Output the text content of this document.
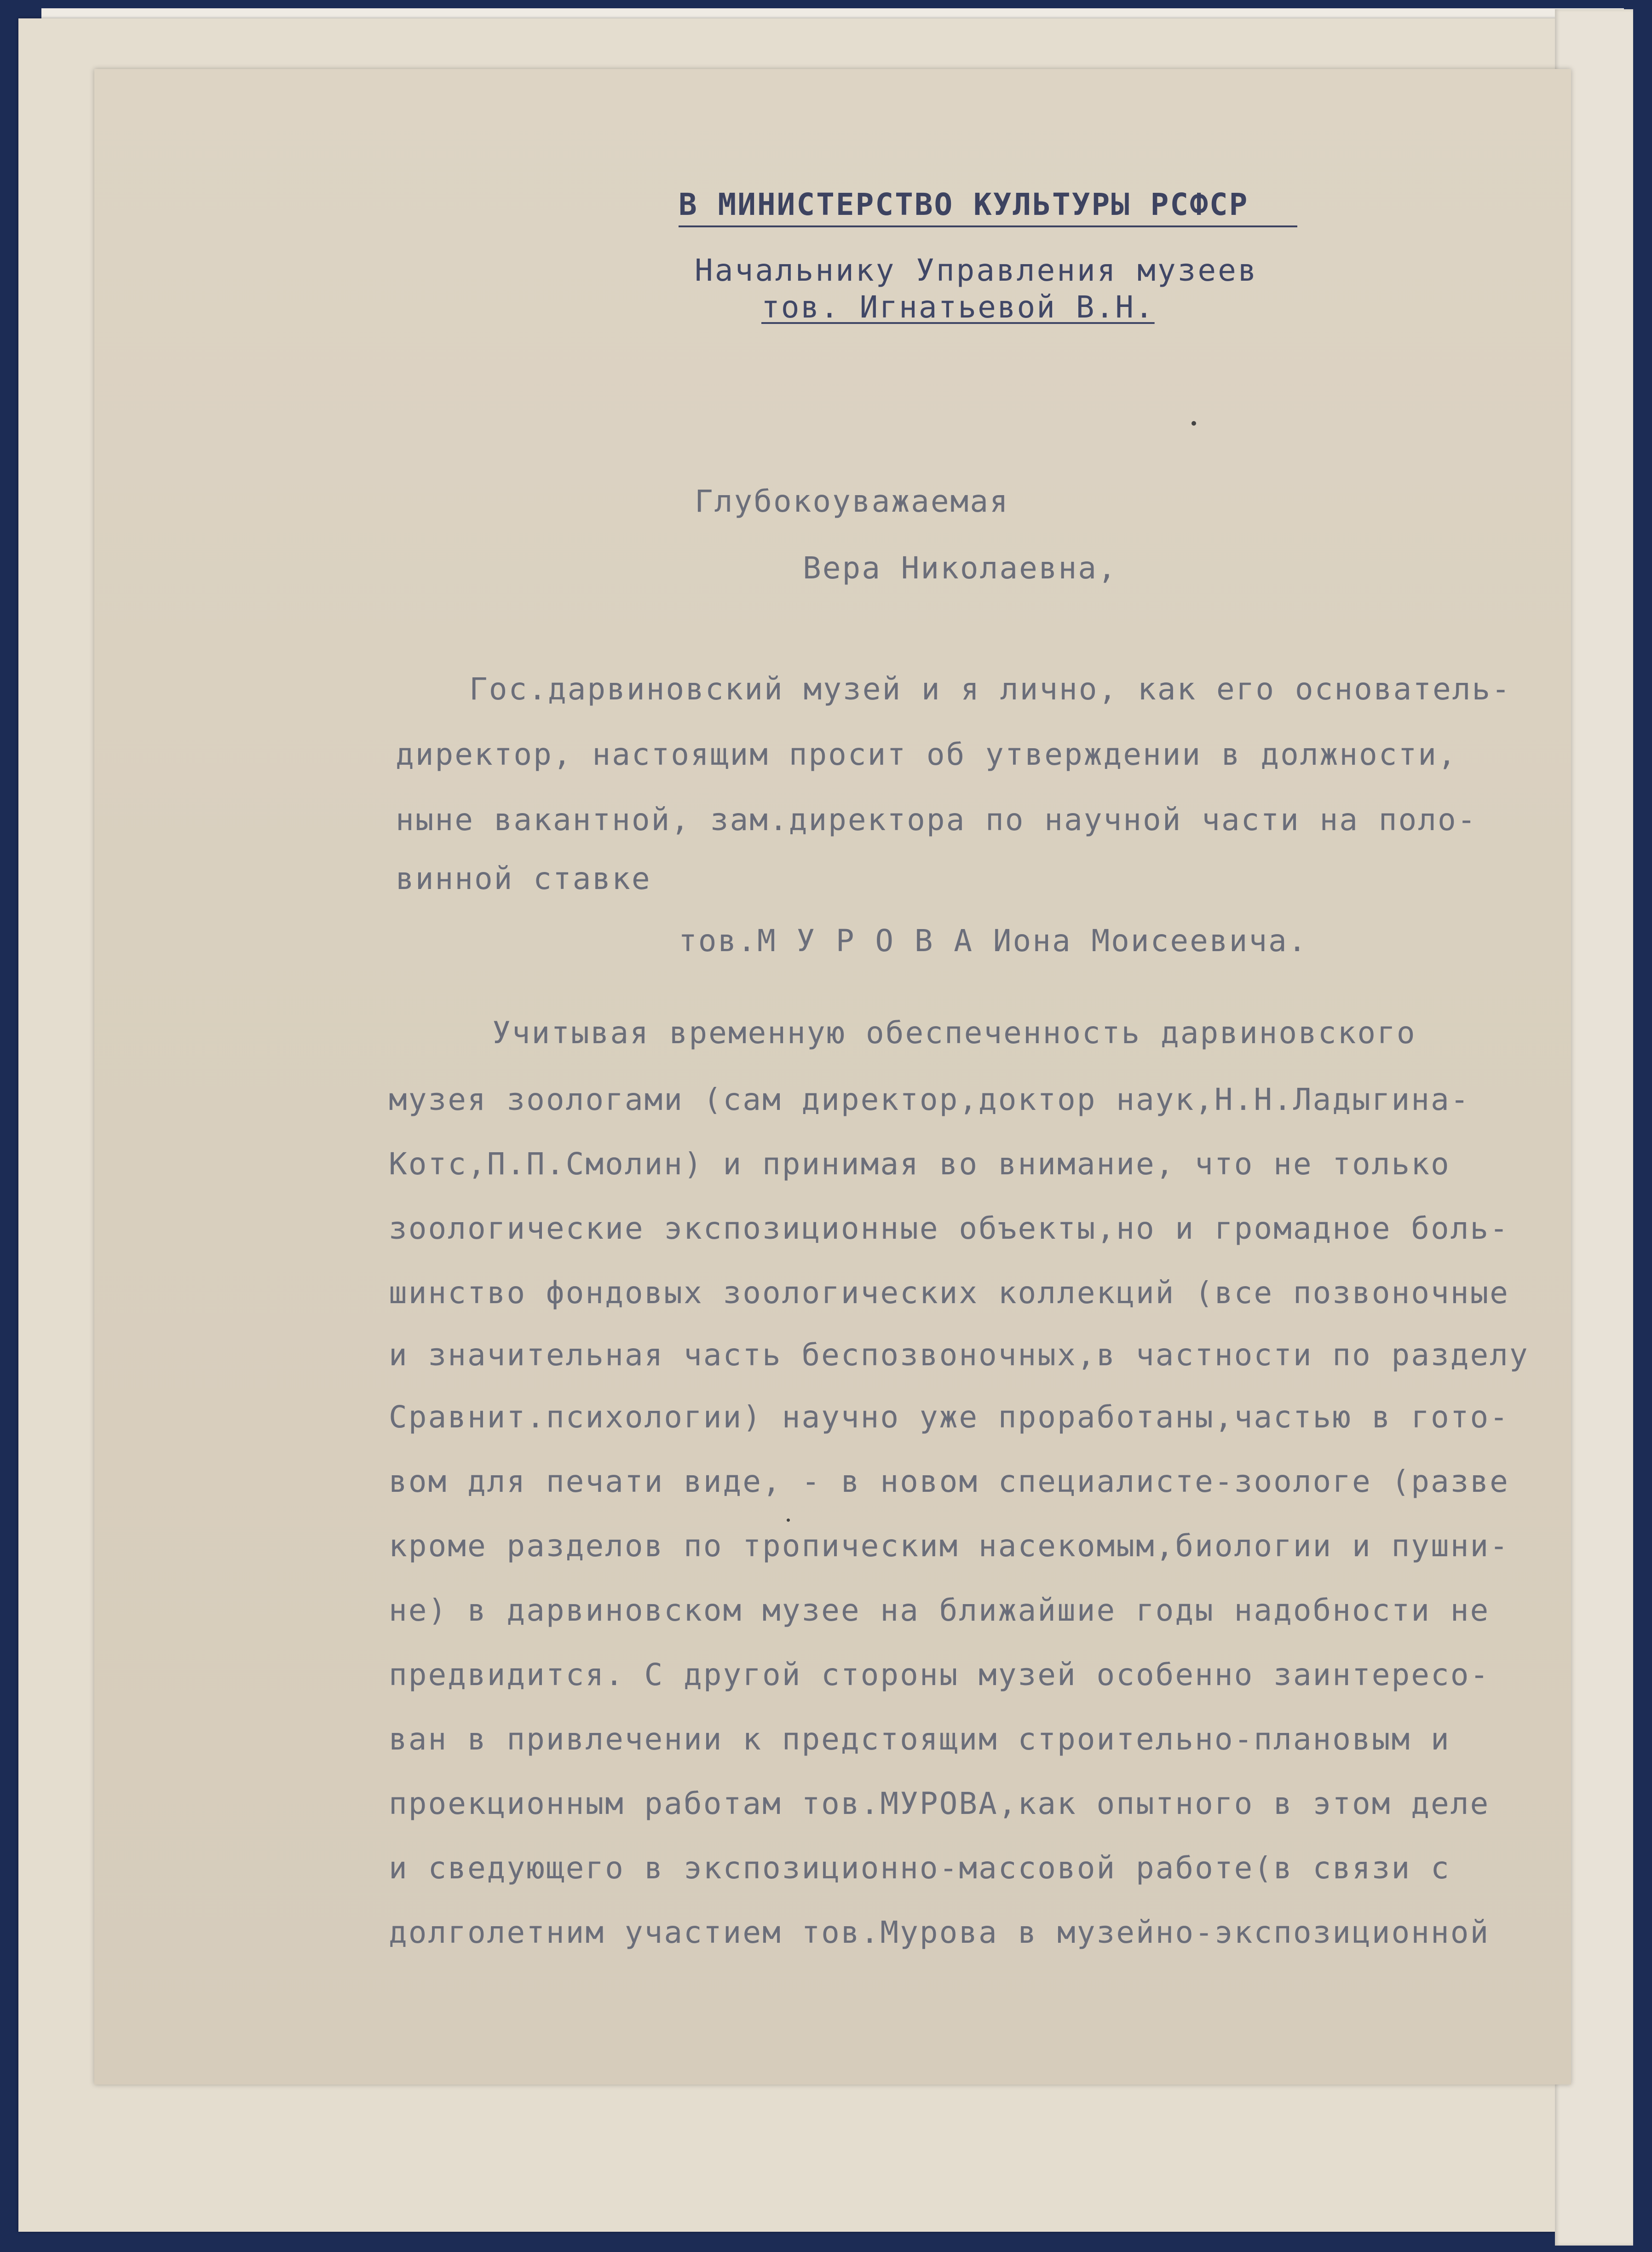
В МИНИСТЕРСТВО КУЛЬТУРЫ РСФСР
Начальнику Управления музеев
тов. Игнатьевой В.Н.
Глубокоуважаемая
Вера Николаевна,
Гос.дарвиновский музей и я лично, как его основатель-
директор, настоящим просит об утверждении в должности,
ныне вакантной, зам.директора по научной части на поло-
винной ставке
тов.М У Р О В А Иона Моисеевича.
Учитывая временную обеспеченность дарвиновского
музея зоологами (сам директор,доктор наук,Н.Н.Ладыгина-
Котс,П.П.Смолин) и принимая во внимание, что не только
зоологические экспозиционные объекты,но и громадное боль-
шинство фондовых зоологических коллекций (все позвоночные
и значительная часть беспозвоночных,в частности по разделу
Сравнит.психологии) научно уже проработаны,частью в гото-
вом для печати виде, - в новом специалисте-зоологе (разве
кроме разделов по тропическим насекомым,биологии и пушни-
не) в дарвиновском музее на ближайшие годы надобности не
предвидится. С другой стороны музей особенно заинтересо-
ван в привлечении к предстоящим строительно-плановым и
проекционным работам тов.МУРОВА,как опытного в этом деле
и сведующего в экспозиционно-массовой работе(в связи с
долголетним участием тов.Мурова в музейно-экспозиционной
